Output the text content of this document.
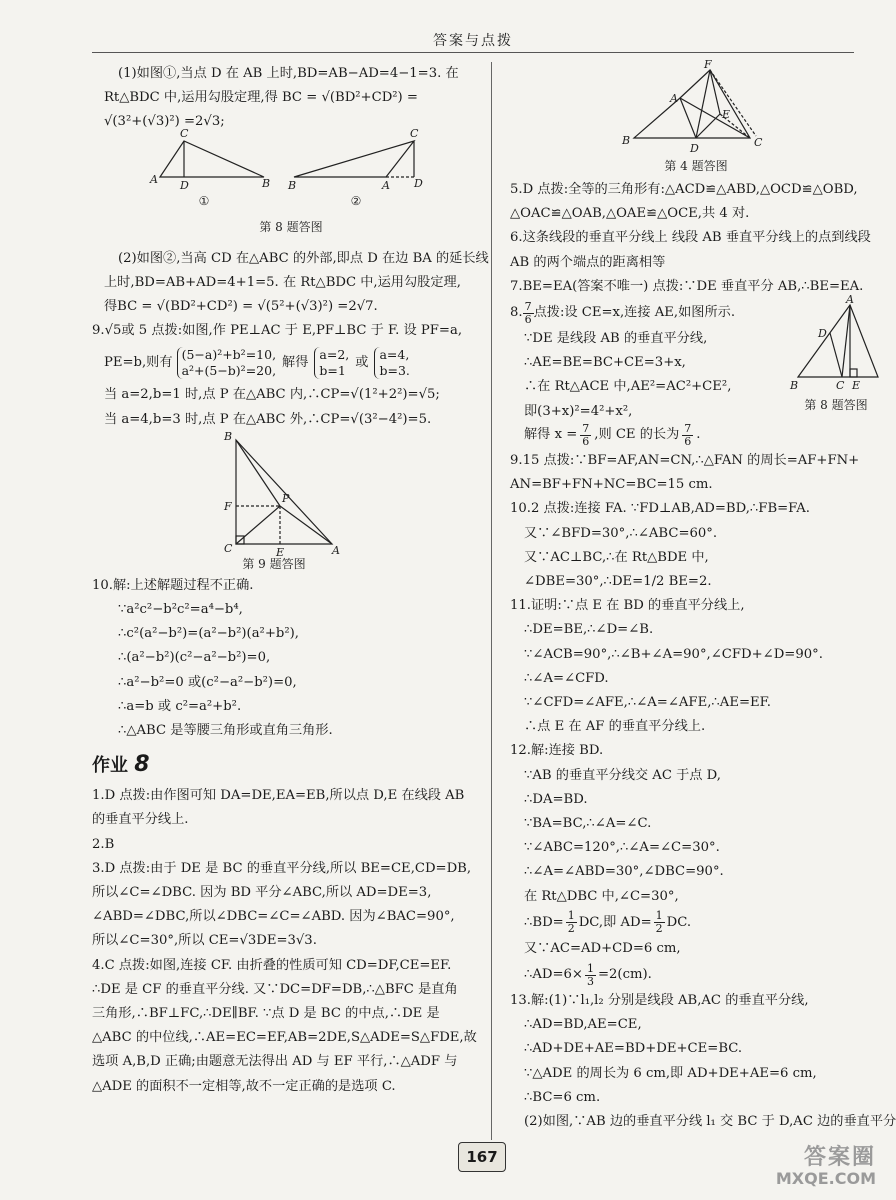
答案与点拨

(1)如图①,当点 D 在 AB 上时,BD=AB−AD=4−1=3. 在

Rt△BDC 中,运用勾股定理,得 BC = √(BD²+CD²) =

√(3²+(√3)²) =2√3;

C
A D	B
C
B	A D
①	②
第 8 题答图

(2)如图②,当高 CD 在△ABC 的外部,即点 D 在边 BA 的延长线

上时,BD=AB+AD=4+1=5. 在 Rt△BDC 中,运用勾股定理,

得BC = √(BD²+CD²) = √(5²+(√3)²) =2√7.

9.√5或 5 点拨:如图,作 PE⊥AC 于 E,PF⊥BC 于 F. 设 PF=a,

PE=b,则有
(5−a)²+b²=10,
a²+(5−b)²=20,
解得
a=2,
b=1
或
a=4,
b=3.

当 a=2,b=1 时,点 P 在△ABC 内,∴CP=√(1²+2²)=√5;

当 a=4,b=3 时,点 P 在△ABC 外,∴CP=√(3²−4²)=5.

B
F
P
C	E	A
第 9 题答图

10.解:上述解题过程不正确.

∵a²c²−b²c²=a⁴−b⁴,

∴c²(a²−b²)=(a²−b²)(a²+b²),

∴(a²−b²)(c²−a²−b²)=0,

∴a²−b²=0 或(c²−a²−b²)=0,

∴a=b 或 c²=a²+b².

∴△ABC 是等腰三角形或直角三角形.

作业 8

1.D 点拨:由作图可知 DA=DE,EA=EB,所以点 D,E 在线段 AB

的垂直平分线上.

2.B

3.D 点拨:由于 DE 是 BC 的垂直平分线,所以 BE=CE,CD=DB,

所以∠C=∠DBC. 因为 BD 平分∠ABC,所以 AD=DE=3,

∠ABD=∠DBC,所以∠DBC=∠C=∠ABD. 因为∠BAC=90°,

所以∠C=30°,所以 CE=√3DE=3√3.

4.C 点拨:如图,连接 CF. 由折叠的性质可知 CD=DF,CE=EF.

∴DE 是 CF 的垂直平分线. 又∵DC=DF=DB,∴△BFC 是直角

三角形,∴BF⊥FC,∴DE∥BF. ∵点 D 是 BC 的中点,∴DE 是

△ABC 的中位线,∴AE=EC=EF,AB=2DE,S△ADE=S△FDE,故

选项 A,B,D 正确;由题意无法得出 AD 与 EF 平行,∴△ADF 与

△ADE 的面积不一定相等,故不一定正确的是选项 C.

F
A
E
B
D	C
第 4 题答图

5.D 点拨:全等的三角形有:△ACD≌△ABD,△OCD≌△OBD,

△OAC≌△OAB,△OAE≌△OCE,共 4 对.

6.这条线段的垂直平分线上 线段 AB 垂直平分线上的点到线段

AB 的两个端点的距离相等

7.BE=EA(答案不唯一) 点拨:∵DE 垂直平分 AB,∴BE=EA.

8. $\frac{7}{6}$ 点拨:设 CE=x,连接 AE,如图所示.

∵DE 是线段 AB 的垂直平分线,

∴AE=BE=BC+CE=3+x,

∴在 Rt△ACE 中,AE²=AC²+CE²,

即(3+x)²=4²+x²,

A
D
B	C E
第 8 题答图

解得 $x = \frac{7}{6}$ ,则 CE 的长为 $\frac{7}{6}$ .

9.15 点拨:∵BF=AF,AN=CN,∴△FAN 的周长=AF+FN+

AN=BF+FN+NC=BC=15 cm.

10.2 点拨:连接 FA. ∵FD⊥AB,AD=BD,∴FB=FA.

又∵∠BFD=30°,∴∠ABC=60°.

又∵AC⊥BC,∴在 Rt△BDE 中,

∠DBE=30°,∴DE=1/2 BE=2.

11.证明:∵点 E 在 BD 的垂直平分线上,

∴DE=BE,∴∠D=∠B.

∵∠ACB=90°,∴∠B+∠A=90°,∠CFD+∠D=90°.

∴∠A=∠CFD.

∵∠CFD=∠AFE,∴∠A=∠AFE,∴AE=EF.

∴点 E 在 AF 的垂直平分线上.

12.解:连接 BD.

∵AB 的垂直平分线交 AC 于点 D,

∴DA=BD.

∵BA=BC,∴∠A=∠C.

∵∠ABC=120°,∴∠A=∠C=30°.

∴∠A=∠ABD=30°,∠DBC=90°.

在 Rt△DBC 中,∠C=30°,

∴BD= $\frac{1}{2}$ DC,即 $AD= \frac{1}{2}$ DC.

又∵AC=AD+CD=6 cm,

∴AD=6× $\frac{1}{3} =2(cm)$.

13.解:(1)∵l₁,l₂ 分别是线段 AB,AC 的垂直平分线,

∴AD=BD,AE=CE,

∴AD+DE+AE=BD+DE+CE=BC.

∵△ADE 的周长为 6 cm,即 AD+DE+AE=6 cm,

∴BC=6 cm.

(2)如图,∵AB 边的垂直平分线 l₁ 交 BC 于 D,AC 边的垂直平分

167	答案圈
MXQE.COM
